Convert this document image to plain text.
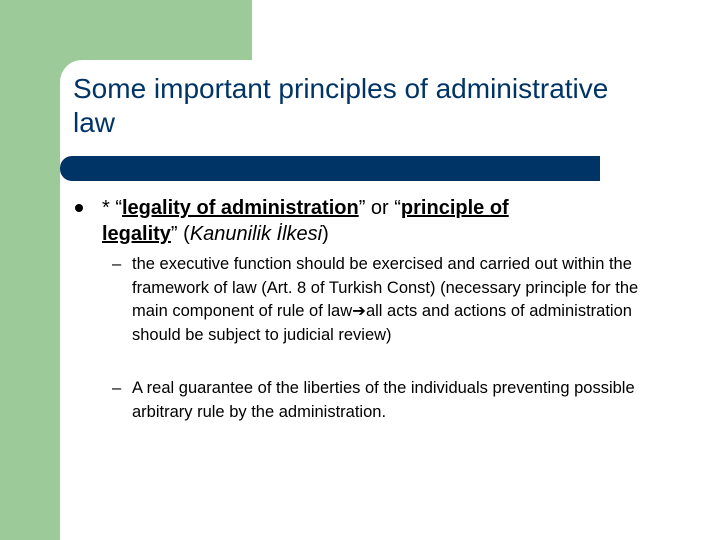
Some important principles of administrative law
* “legality of administration” or “principle of
legality” (Kanunilik İlkesi)
– the executive function should be exercised and carried out within the framework of law (Art. 8 of Turkish Const) (necessary principle for the main component of rule of law➔all acts and actions of administration should be subject to judicial review)
– A real guarantee of the liberties of the individuals preventing possible arbitrary rule by the administration.
